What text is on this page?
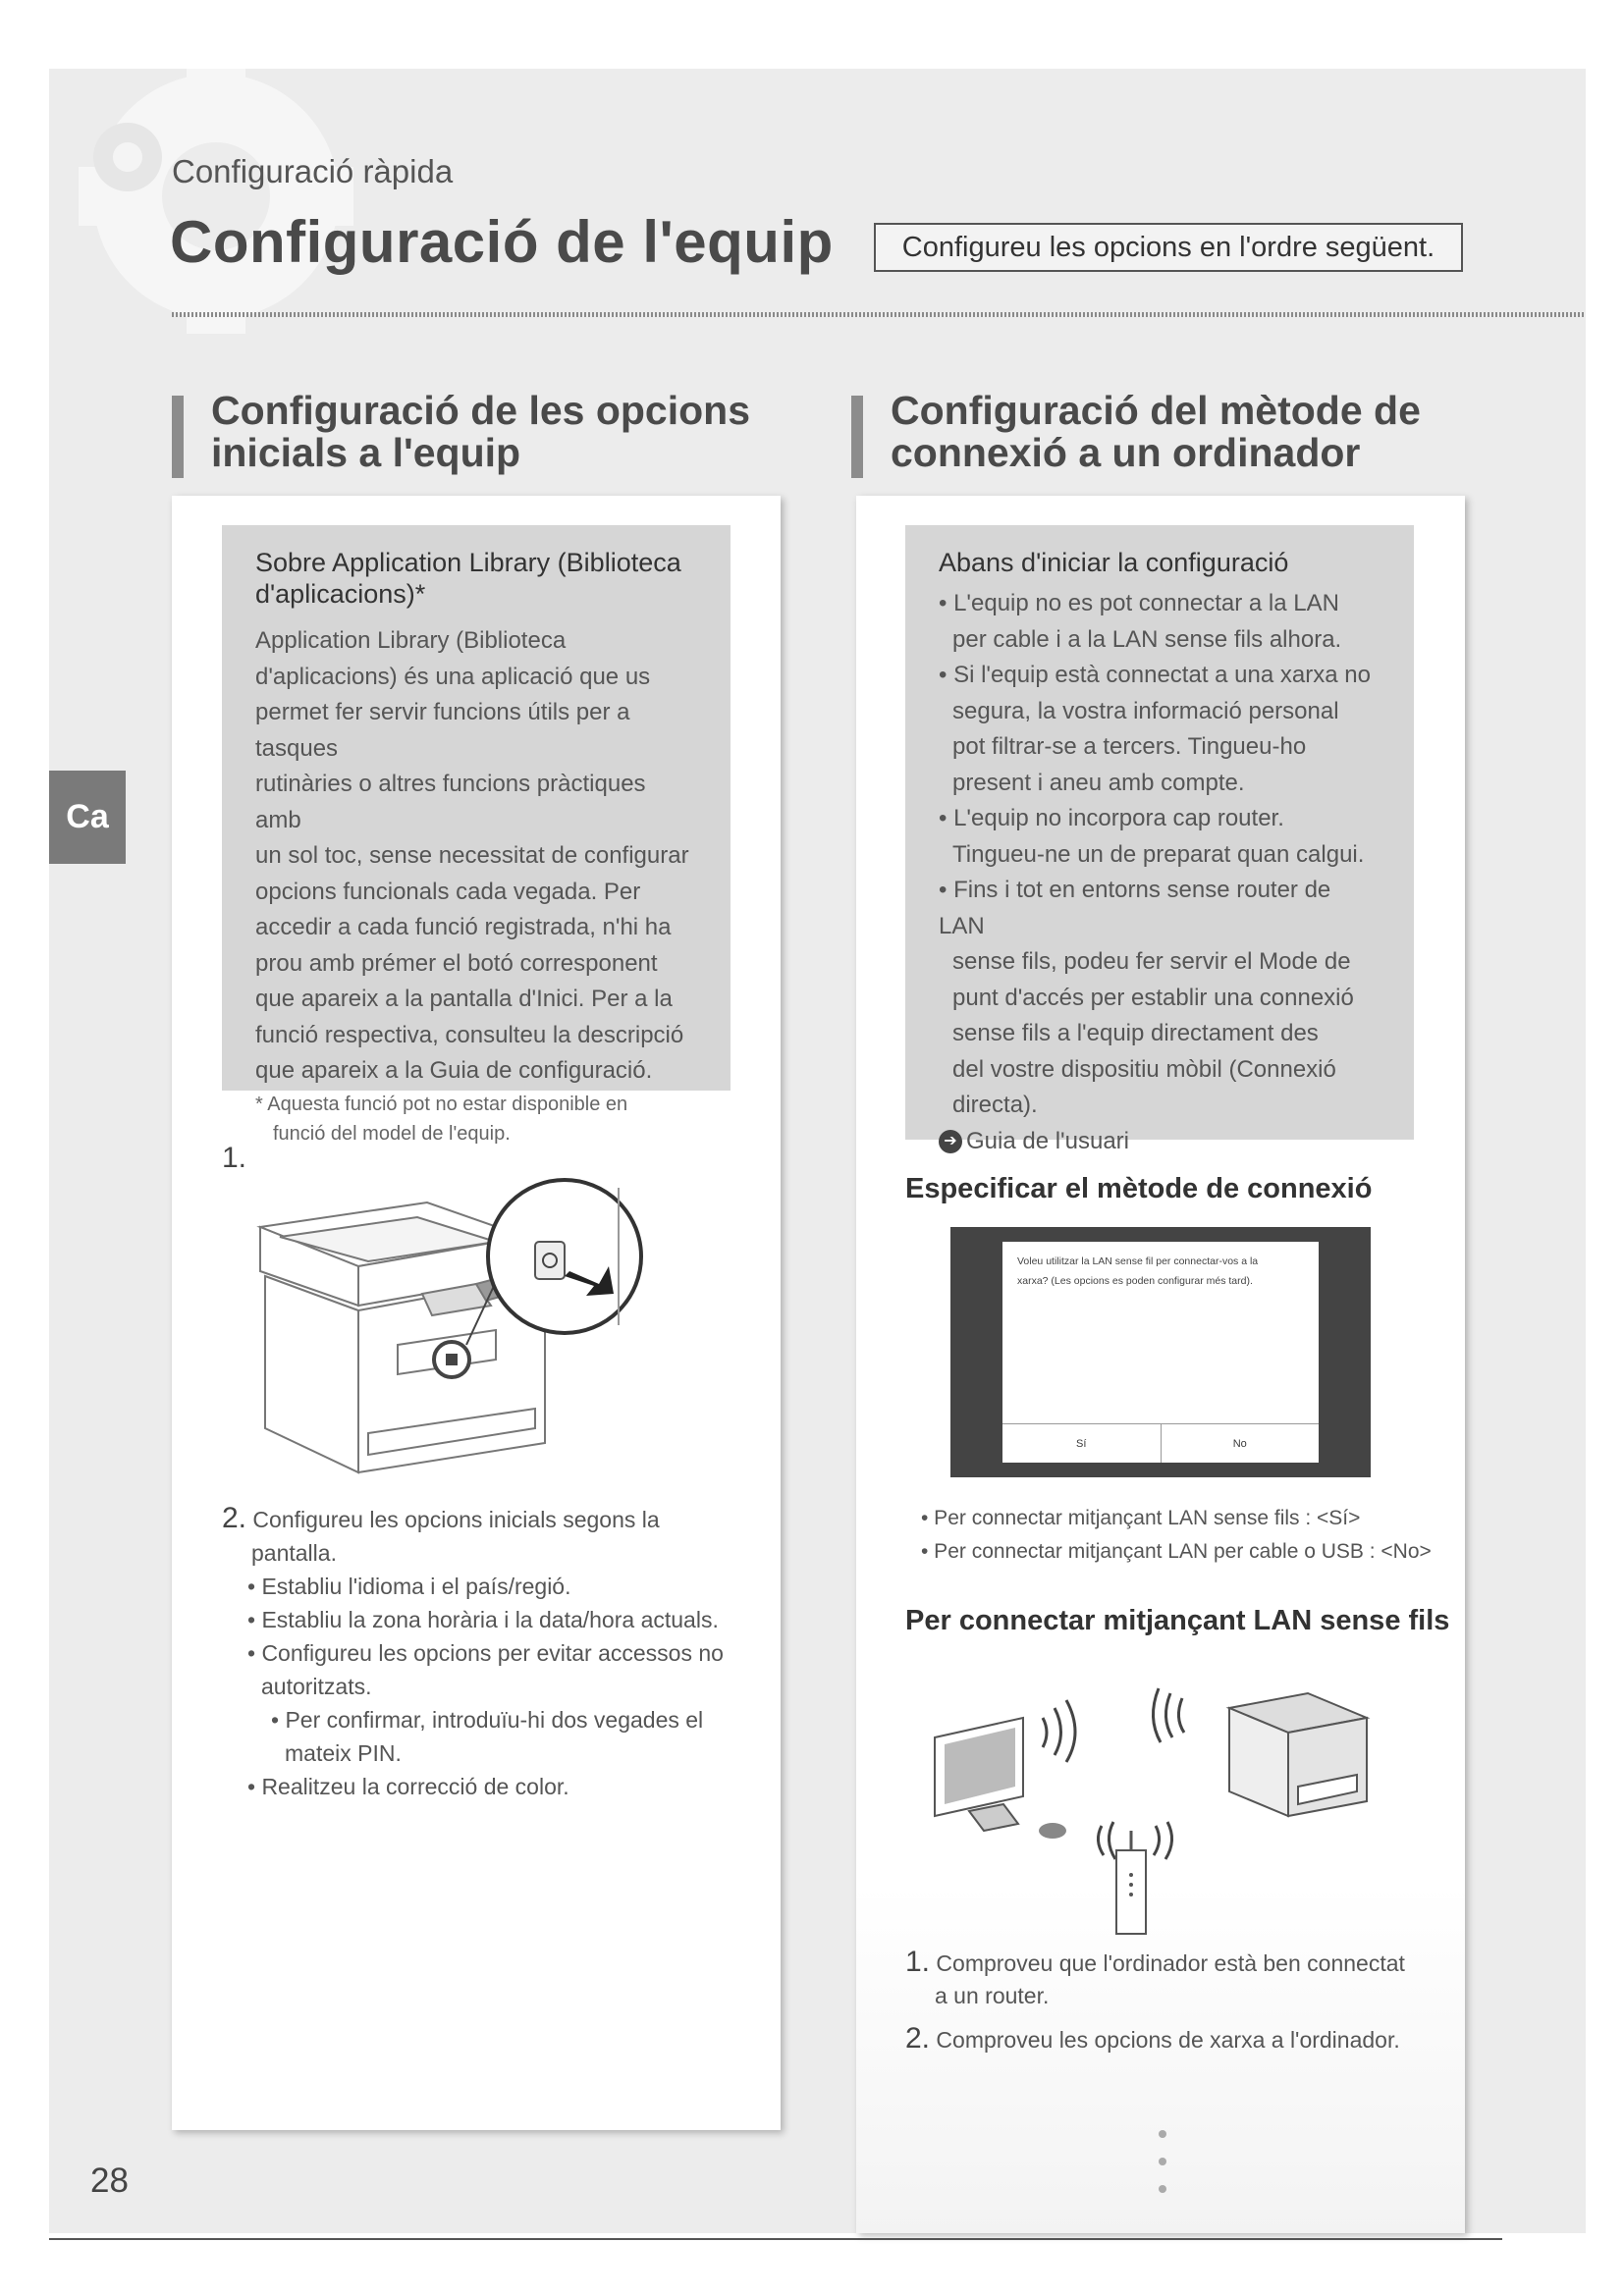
Configuració ràpida
Configuració de l'equip	Configureu les opcions en l'ordre següent.
Ca
Configuració de les opcions
inicials a l'equip
Sobre Application Library (Biblioteca
d'aplicacions)*
Application Library (Biblioteca
d'aplicacions) és una aplicació que us
permet fer servir funcions útils per a tasques
rutinàries o altres funcions pràctiques amb
un sol toc, sense necessitat de configurar
opcions funcionals cada vegada. Per
accedir a cada funció registrada, n'hi ha
prou amb prémer el botó corresponent
que apareix a la pantalla d'Inici. Per a la
funció respectiva, consulteu la descripció
que apareix a la Guia de configuració.
* Aquesta funció pot no estar disponible en
funció del model de l'equip.
1.
2. Configureu les opcions inicials segons la
pantalla.
• Establiu l'idioma i el país/regió.
• Establiu la zona horària i la data/hora actuals.
• Configureu les opcions per evitar accessos no
autoritzats.
• Per confirmar, introduïu-hi dos vegades el
mateix PIN.
• Realitzeu la correcció de color.
Configuració del mètode de
connexió a un ordinador
Abans d'iniciar la configuració
• L'equip no es pot connectar a la LAN
per cable i a la LAN sense fils alhora.
• Si l'equip està connectat a una xarxa no
segura, la vostra informació personal
pot filtrar-se a tercers. Tingueu-ho
present i aneu amb compte.
• L'equip no incorpora cap router.
Tingueu-ne un de preparat quan calgui.
• Fins i tot en entorns sense router de LAN
sense fils, podeu fer servir el Mode de
punt d'accés per establir una connexió
sense fils a l'equip directament des
del vostre dispositiu mòbil (Connexió
directa).
➔ Guia de l'usuari
Especificar el mètode de connexió
Voleu utilitzar la LAN sense fil per connectar-vos a la
xarxa? (Les opcions es poden configurar més tard).
Sí	No
• Per connectar mitjançant LAN sense fils : <Sí>
• Per connectar mitjançant LAN per cable o USB : <No>
Per connectar mitjançant LAN sense fils
1. Comproveu que l'ordinador està ben connectat
a un router.
2. Comproveu les opcions de xarxa a l'ordinador.
28
